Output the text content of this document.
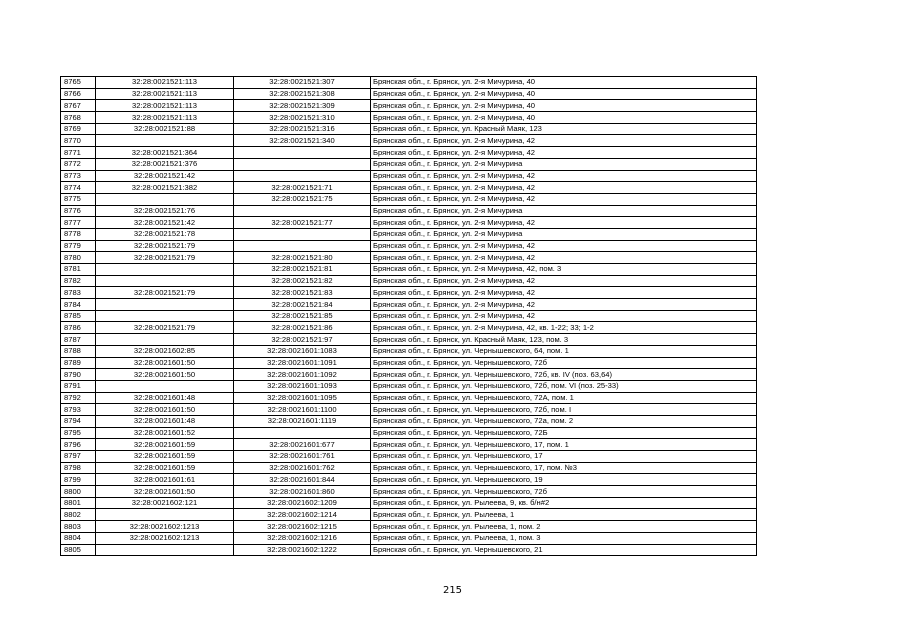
8765	32:28:0021521:113	32:28:0021521:307	Брянская обл., г. Брянск, ул. 2-я Мичурина, 40
8766	32:28:0021521:113	32:28:0021521:308	Брянская обл., г. Брянск, ул. 2-я Мичурина, 40
8767	32:28:0021521:113	32:28:0021521:309	Брянская обл., г. Брянск, ул. 2-я Мичурина, 40
8768	32:28:0021521:113	32:28:0021521:310	Брянская обл., г. Брянск, ул. 2-я Мичурина, 40
8769	32:28:0021521:88	32:28:0021521:316	Брянская обл., г. Брянск, ул. Красный Маяк, 123
8770		32:28:0021521:340	Брянская обл., г. Брянск, ул. 2-я Мичурина, 42
8771	32:28:0021521:364		Брянская обл., г. Брянск, ул. 2-я Мичурина, 42
8772	32:28:0021521:376		Брянская обл., г. Брянск, ул. 2-я Мичурина
8773	32:28:0021521:42		Брянская обл., г. Брянск, ул. 2-я Мичурина, 42
8774	32:28:0021521:382	32:28:0021521:71	Брянская обл., г. Брянск, ул. 2-я Мичурина, 42
8775		32:28:0021521:75	Брянская обл., г. Брянск, ул. 2-я Мичурина, 42
8776	32:28:0021521:76		Брянская обл., г. Брянск, ул. 2-я Мичурина
8777	32:28:0021521:42	32:28:0021521:77	Брянская обл., г. Брянск, ул. 2-я Мичурина, 42
8778	32:28:0021521:78		Брянская обл., г. Брянск, ул. 2-я Мичурина
8779	32:28:0021521:79		Брянская обл., г. Брянск, ул. 2-я Мичурина, 42
8780	32:28:0021521:79	32:28:0021521:80	Брянская обл., г. Брянск, ул. 2-я Мичурина, 42
8781		32:28:0021521:81	Брянская обл., г. Брянск, ул. 2-я Мичурина, 42, пом. 3
8782		32:28:0021521:82	Брянская обл., г. Брянск, ул. 2-я Мичурина, 42
8783	32:28:0021521:79	32:28:0021521:83	Брянская обл., г. Брянск, ул. 2-я Мичурина, 42
8784		32:28:0021521:84	Брянская обл., г. Брянск, ул. 2-я Мичурина, 42
8785		32:28:0021521:85	Брянская обл., г. Брянск, ул. 2-я Мичурина, 42
8786	32:28:0021521:79	32:28:0021521:86	Брянская обл., г. Брянск, ул. 2-я Мичурина, 42, кв. 1-22; 33; 1-2
8787		32:28:0021521:97	Брянская обл., г. Брянск, ул. Красный Маяк, 123, пом. 3
8788	32:28:0021602:85	32:28:0021601:1083	Брянская обл., г. Брянск, ул. Чернышевского, 64, пом. 1
8789	32:28:0021601:50	32:28:0021601:1091	Брянская обл., г. Брянск, ул. Чернышевского, 72б
8790	32:28:0021601:50	32:28:0021601:1092	Брянская обл., г. Брянск, ул. Чернышевского, 72б, кв. IV (поз. 63,64)
8791		32:28:0021601:1093	Брянская обл., г. Брянск, ул. Чернышевского, 72б, пом. VI (поз. 25-33)
8792	32:28:0021601:48	32:28:0021601:1095	Брянская обл., г. Брянск, ул. Чернышевского, 72А, пом. 1
8793	32:28:0021601:50	32:28:0021601:1100	Брянская обл., г. Брянск, ул. Чернышевского, 72б, пом. I
8794	32:28:0021601:48	32:28:0021601:1119	Брянская обл., г. Брянск, ул. Чернышевского, 72а, пом. 2
8795	32:28:0021601:52		Брянская обл., г. Брянск, ул. Чернышевского, 72Б
8796	32:28:0021601:59	32:28:0021601:677	Брянская обл., г. Брянск, ул. Чернышевского, 17, пом. 1
8797	32:28:0021601:59	32:28:0021601:761	Брянская обл., г. Брянск, ул. Чернышевского, 17
8798	32:28:0021601:59	32:28:0021601:762	Брянская обл., г. Брянск, ул. Чернышевского, 17, пом. №3
8799	32:28:0021601:61	32:28:0021601:844	Брянская обл., г. Брянск, ул. Чернышевского, 19
8800	32:28:0021601:50	32:28:0021601:860	Брянская обл., г. Брянск, ул. Чернышевского, 72б
8801	32:28:0021602:121	32:28:0021602:1209	Брянская обл., г. Брянск, ул. Рылеева, 9, кв. б/н#2
8802		32:28:0021602:1214	Брянская обл., г. Брянск, ул. Рылеева, 1
8803	32:28:0021602:1213	32:28:0021602:1215	Брянская обл., г. Брянск, ул. Рылеева, 1, пом. 2
8804	32:28:0021602:1213	32:28:0021602:1216	Брянская обл., г. Брянск, ул. Рылеева, 1, пом. 3
8805		32:28:0021602:1222	Брянская обл., г. Брянск, ул. Чернышевского, 21
215
